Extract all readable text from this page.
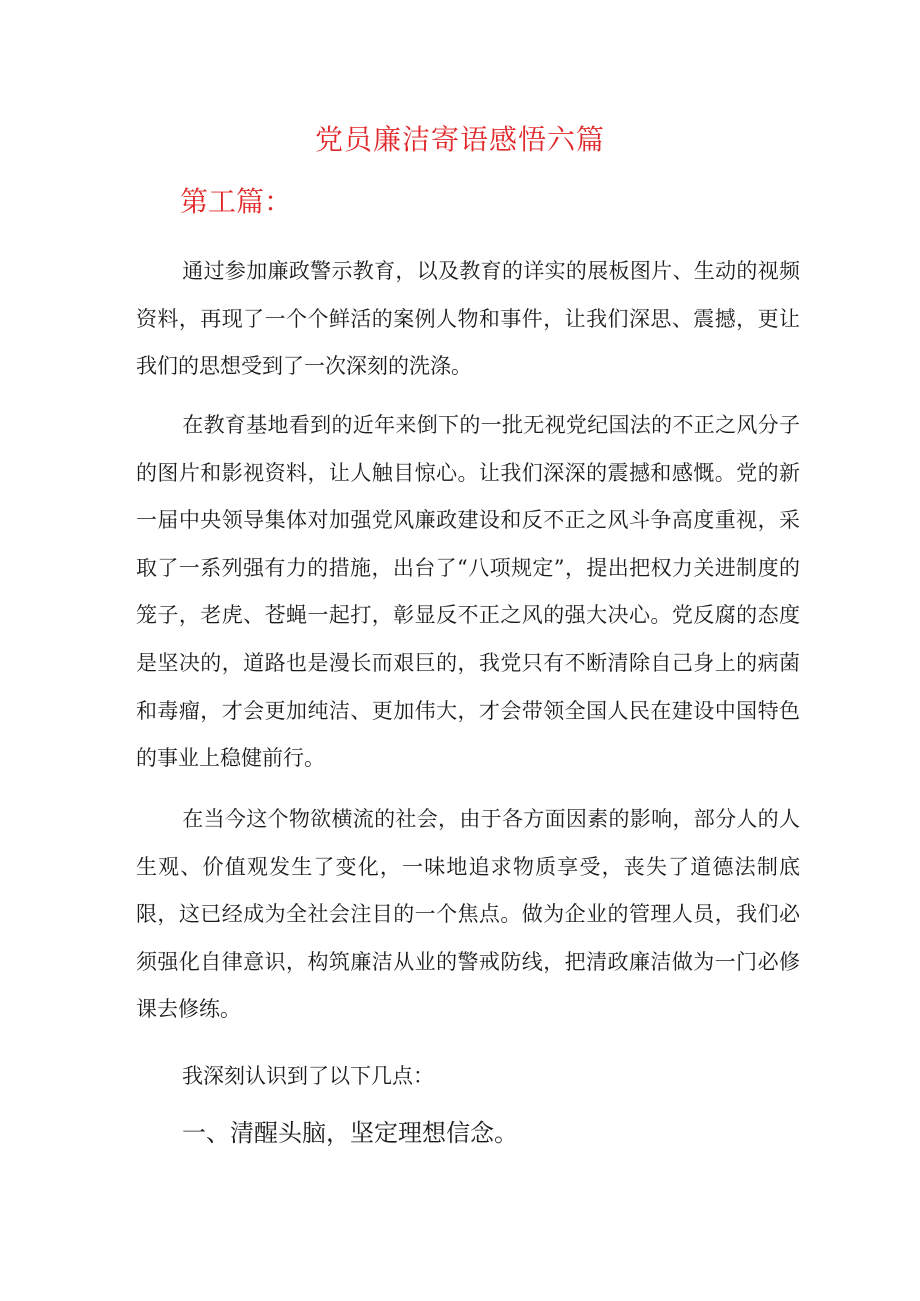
党员廉洁寄语感悟六篇
第工篇：

通过参加廉政警示教育，以及教育的详实的展板图片、生动的视频资料，再现了一个个鲜活的案例人物和事件，让我们深思、震撼，更让我们的思想受到了一次深刻的洗涤。

在教育基地看到的近年来倒下的一批无视党纪国法的不正之风分子的图片和影视资料，让人触目惊心。让我们深深的震撼和感慨。党的新一届中央领导集体对加强党风廉政建设和反不正之风斗争高度重视，采取了一系列强有力的措施，出台了“八项规定”，提出把权力关进制度的笼子，老虎、苍蝇一起打，彰显反不正之风的强大决心。党反腐的态度是坚决的，道路也是漫长而艰巨的，我党只有不断清除自己身上的病菌和毒瘤，才会更加纯洁、更加伟大，才会带领全国人民在建设中国特色的事业上稳健前行。

在当今这个物欲横流的社会，由于各方面因素的影响，部分人的人生观、价值观发生了变化，一味地追求物质享受，丧失了道德法制底限，这已经成为全社会注目的一个焦点。做为企业的管理人员，我们必须强化自律意识，构筑廉洁从业的警戒防线，把清政廉洁做为一门必修课去修练。

我深刻认识到了以下几点：
一、清醒头脑，坚定理想信念。
